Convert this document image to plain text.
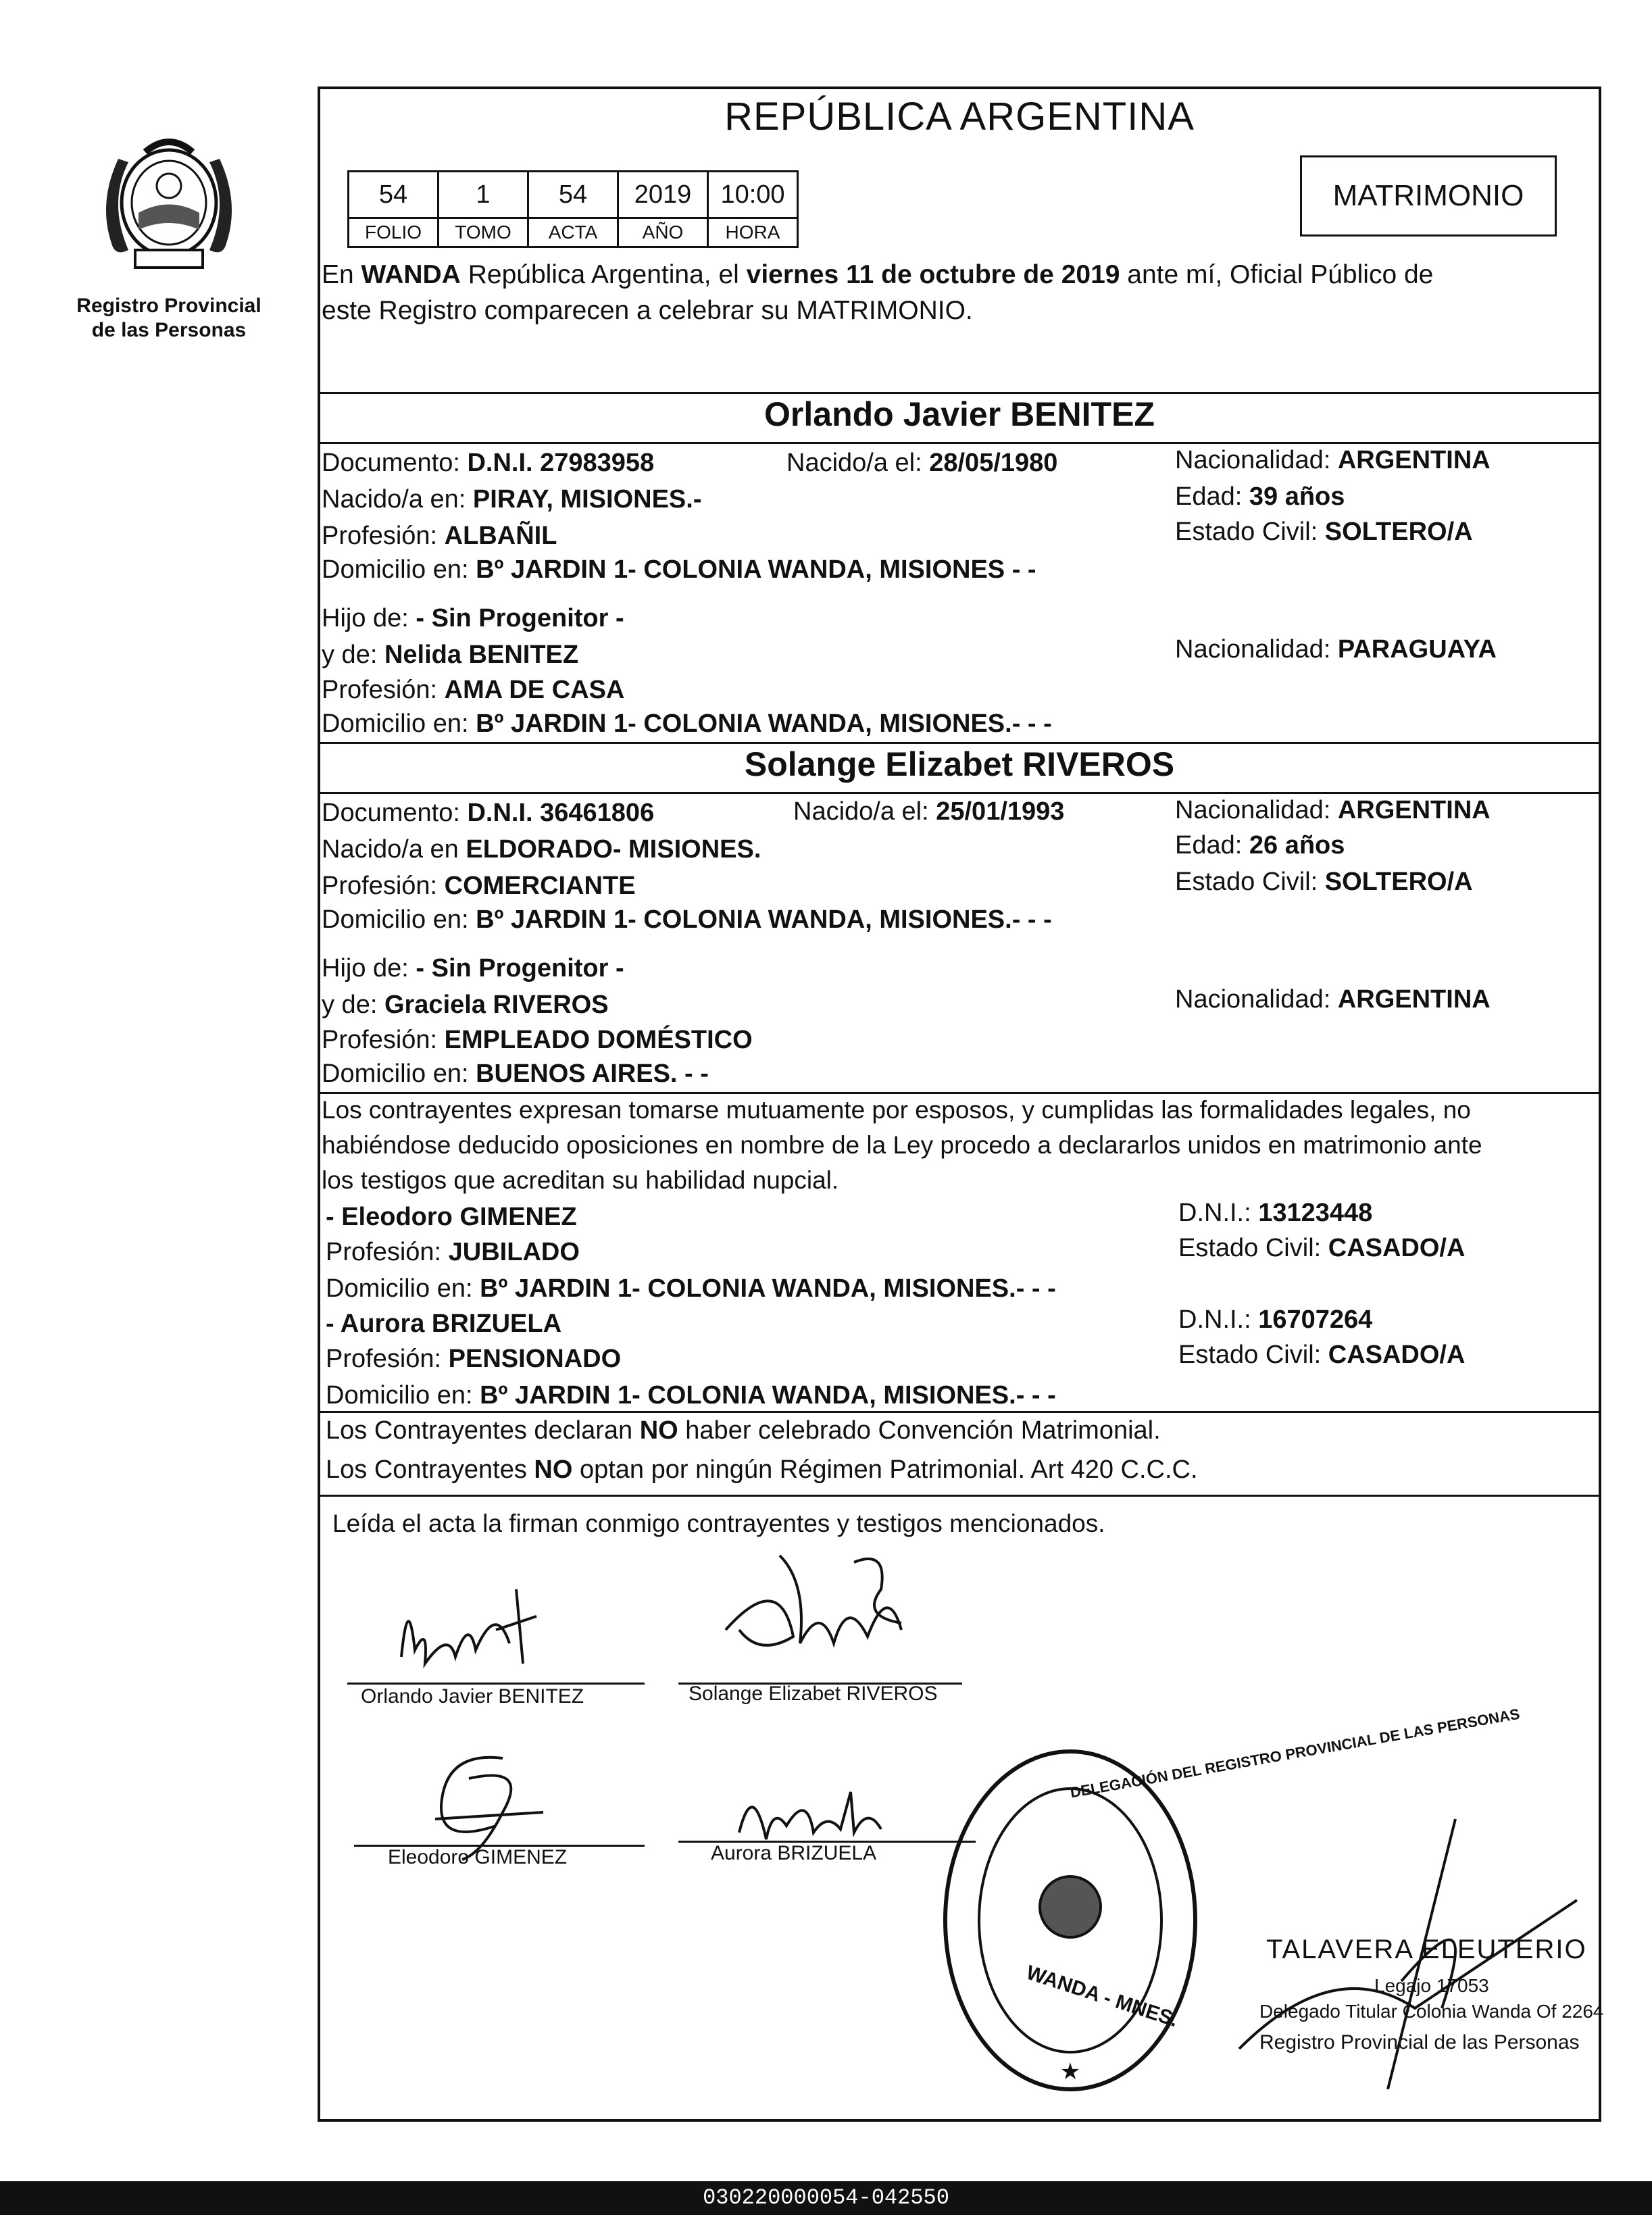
Registro Provincial
de las Personas
REPÚBLICA ARGENTINA
54	1	54	2019	10:00
FOLIO	TOMO	ACTA	AÑO	HORA
MATRIMONIO
En WANDA República Argentina, el viernes 11 de octubre de 2019 ante mí, Oficial Público de
este Registro comparecen a celebrar su MATRIMONIO.
Orlando Javier BENITEZ
Documento: D.N.I. 27983958	Nacido/a el: 28/05/1980	Nacionalidad: ARGENTINA
Nacido/a en: PIRAY, MISIONES.-	Edad: 39 años
Profesión: ALBAÑIL	Estado Civil: SOLTERO/A
Domicilio en: Bº JARDIN 1- COLONIA WANDA, MISIONES - -
Hijo de: - Sin Progenitor -
y de: Nelida BENITEZ	Nacionalidad: PARAGUAYA
Profesión: AMA DE CASA
Domicilio en: Bº JARDIN 1- COLONIA WANDA, MISIONES.- - -
Solange Elizabet RIVEROS
Documento: D.N.I. 36461806	Nacido/a el: 25/01/1993	Nacionalidad: ARGENTINA
Nacido/a en ELDORADO- MISIONES.	Edad: 26 años
Profesión: COMERCIANTE	Estado Civil: SOLTERO/A
Domicilio en: Bº JARDIN 1- COLONIA WANDA, MISIONES.- - -
Hijo de: - Sin Progenitor -
y de: Graciela RIVEROS	Nacionalidad: ARGENTINA
Profesión: EMPLEADO DOMÉSTICO
Domicilio en: BUENOS AIRES. - -
Los contrayentes expresan tomarse mutuamente por esposos, y cumplidas las formalidades legales, no
habiéndose deducido oposiciones en nombre de la Ley procedo a declararlos unidos en matrimonio ante
los testigos que acreditan su habilidad nupcial.
- Eleodoro GIMENEZ	D.N.I.: 13123448
Profesión: JUBILADO	Estado Civil: CASADO/A
Domicilio en: Bº JARDIN 1- COLONIA WANDA, MISIONES.- - -
- Aurora BRIZUELA	D.N.I.: 16707264
Profesión: PENSIONADO	Estado Civil: CASADO/A
Domicilio en: Bº JARDIN 1- COLONIA WANDA, MISIONES.- - -
Los Contrayentes declaran NO haber celebrado Convención Matrimonial.
Los Contrayentes NO optan por ningún Régimen Patrimonial. Art 420 C.C.C.
Leída el acta la firman conmigo contrayentes y testigos mencionados.
Orlando Javier BENITEZ	Solange Elizabet RIVEROS
Eleodoro GIMENEZ	Aurora BRIZUELA
★
DELEGACIÓN DEL REGISTRO PROVINCIAL DE LAS PERSONAS
WANDA - MNES.
TALAVERA ELEUTERIO
Legajo 17053
Delegado Titular Colonia Wanda Of 2264
Registro Provincial de las Personas
030220000054-042550
